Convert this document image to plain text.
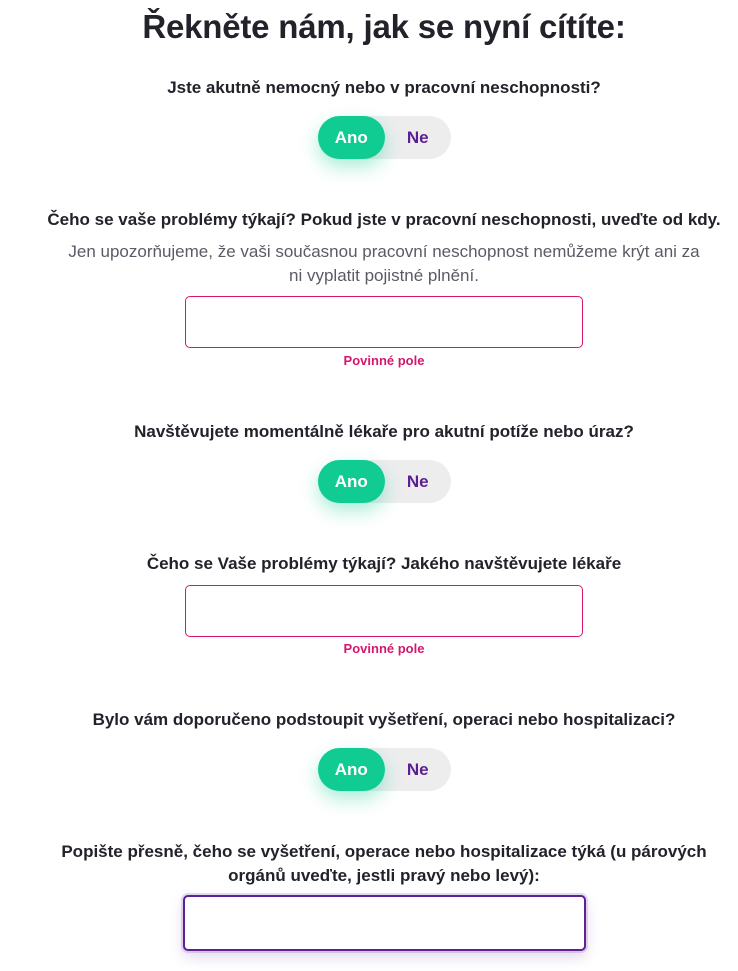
Řekněte nám, jak se nyní cítíte:

Jste akutně nemocný nebo v pracovní neschopnosti?

Ano	Ne

Čeho se vaše problémy týkají? Pokud jste v pracovní neschopnosti, uveďte od kdy.

Jen upozorňujeme, že vaši současnou pracovní neschopnost nemůžeme krýt ani za ni vyplatit pojistné plnění.

Povinné pole

Navštěvujete momentálně lékaře pro akutní potíže nebo úraz?

Ano	Ne

Čeho se Vaše problémy týkají? Jakého navštěvujete lékaře

Povinné pole

Bylo vám doporučeno podstoupit vyšetření, operaci nebo hospitalizaci?

Ano	Ne

Popište přesně, čeho se vyšetření, operace nebo hospitalizace týká (u párových orgánů uveďte, jestli pravý nebo levý):
